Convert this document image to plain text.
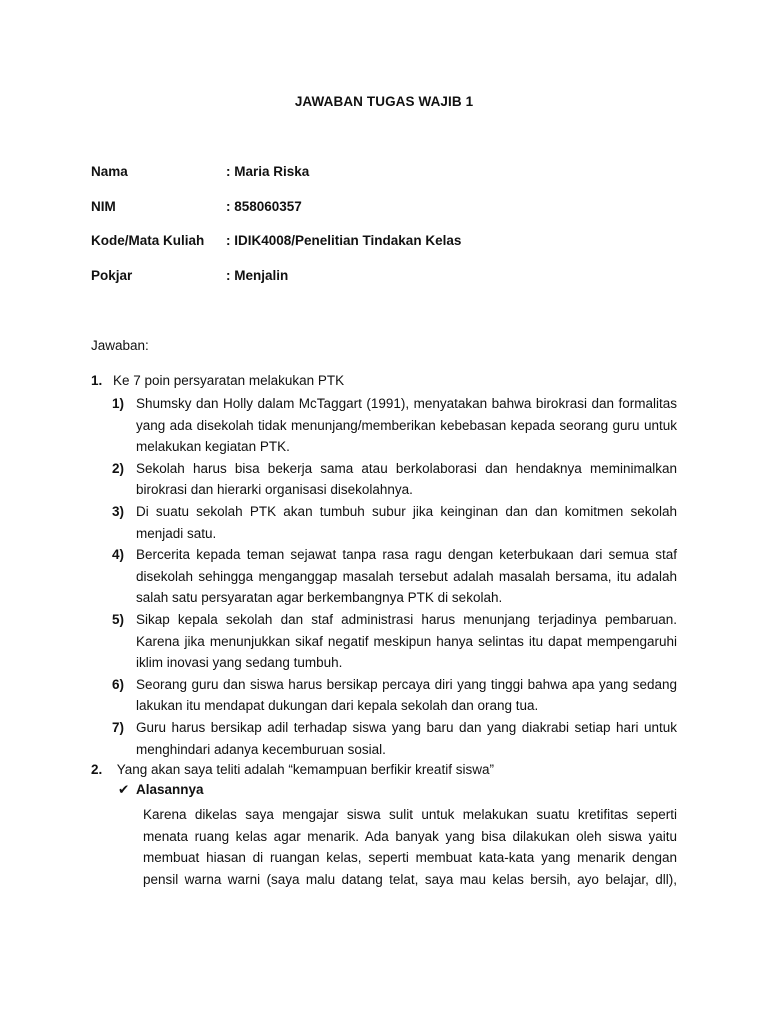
JAWABAN TUGAS WAJIB 1
Nama	: Maria Riska
NIM	: 858060357
Kode/Mata Kuliah : IDIK4008/Penelitian Tindakan Kelas
Pokjar	: Menjalin
Jawaban:
1. Ke 7 poin persyaratan melakukan PTK

1) Shumsky dan Holly dalam McTaggart (1991), menyatakan bahwa birokrasi dan formalitas yang ada disekolah tidak menunjang/memberikan kebebasan kepada seorang guru untuk melakukan kegiatan PTK.

2) Sekolah harus bisa bekerja sama atau berkolaborasi dan hendaknya meminimalkan birokrasi dan hierarki organisasi disekolahnya.

3) Di suatu sekolah PTK akan tumbuh subur jika keinginan dan dan komitmen sekolah menjadi satu.

4) Bercerita kepada teman sejawat tanpa rasa ragu dengan keterbukaan dari semua staf disekolah sehingga menganggap masalah tersebut adalah masalah bersama, itu adalah salah satu persyaratan agar berkembangnya PTK di sekolah.

5) Sikap kepala sekolah dan staf administrasi harus menunjang terjadinya pembaruan. Karena jika menunjukkan sikaf negatif meskipun hanya selintas itu dapat mempengaruhi iklim inovasi yang sedang tumbuh.

6) Seorang guru dan siswa harus bersikap percaya diri yang tinggi bahwa apa yang sedang lakukan itu mendapat dukungan dari kepala sekolah dan orang tua.

7) Guru harus bersikap adil terhadap siswa yang baru dan yang diakrabi setiap hari untuk menghindari adanya kecemburuan sosial.

2. Yang akan saya teliti adalah “kemampuan berfikir kreatif siswa”
✔ Alasannya
Karena dikelas saya mengajar siswa sulit untuk melakukan suatu kretifitas seperti menata ruang kelas agar menarik. Ada banyak yang bisa dilakukan oleh siswa yaitu membuat hiasan di ruangan kelas, seperti membuat kata-kata yang menarik dengan pensil warna warni (saya malu datang telat, saya mau kelas bersih, ayo belajar, dll),
